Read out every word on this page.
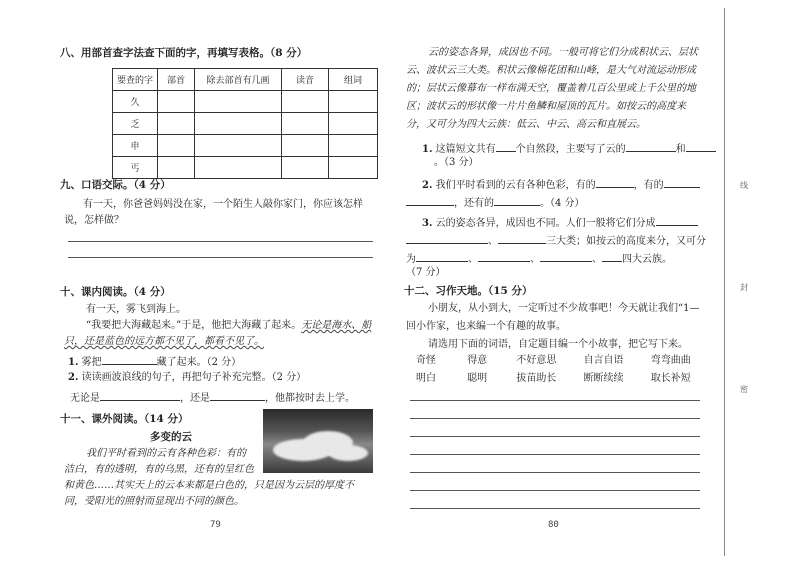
八、用部首查字法查下面的字，再填写表格。（8 分）
要查的字	部首	除去部首有几画	读音	组词
久				
乏				
申				
丐				
九、口语交际。（4 分）
有一天，你爸爸妈妈没在家，一个陌生人敲你家门，你应该怎样
说，怎样做？
十、课内阅读。（4 分）
有一天，雾飞到海上。
“我要把大海藏起来。”于是，他把大海藏了起来。无论是海水、船
只，还是蓝色的远方都不见了，都看不见了。
1. 雾把	藏了起来。（2 分）
2. 读读画波浪线的句子，再把句子补充完整。（2 分）
无论是	，还是	，他都按时去上学。
十一、课外阅读。（14 分）
多变的云
我们平时看到的云有各种色彩：有的
洁白，有的透明，有的乌黑，还有的呈红色
和黄色……其实天上的云本来都是白色的，只是因为云层的厚度不
同，受阳光的照射而显现出不同的颜色。
79
云的姿态各异，成因也不同。一般可将它们分成积状云、层状
云、波状云三大类。积状云像棉花团和山峰，是大气对流运动形成
的；层状云像幕布一样布满天空，覆盖着几百公里或上千公里的地
区；波状云的形状像一片片鱼鳞和屋顶的瓦片。如按云的高度来
分，又可分为四大云族：低云、中云、高云和直展云。
1. 这篇短文共有 个自然段，主要写了云的	和
。（3 分）
2. 我们平时看到的云有各种色彩，有的	，有的
，还有的	。（4 分）
3. 云的姿态各异，成因也不同。人们一般将它们分成
、	三大类；如按云的高度来分，又可分
为	、	、	、 四大云族。
（7 分）
十二、习作天地。（15 分）
小朋友，从小到大，一定听过不少故事吧！今天就让我们“1—
回小作家，也来编一个有趣的故事。
请选用下面的词语，自定题目编一个小故事，把它写下来。
奇怪	得意	不好意思	自言自语	弯弯曲曲
明白	聪明	拔苗助长	断断续续	取长补短
80
线
封
密
